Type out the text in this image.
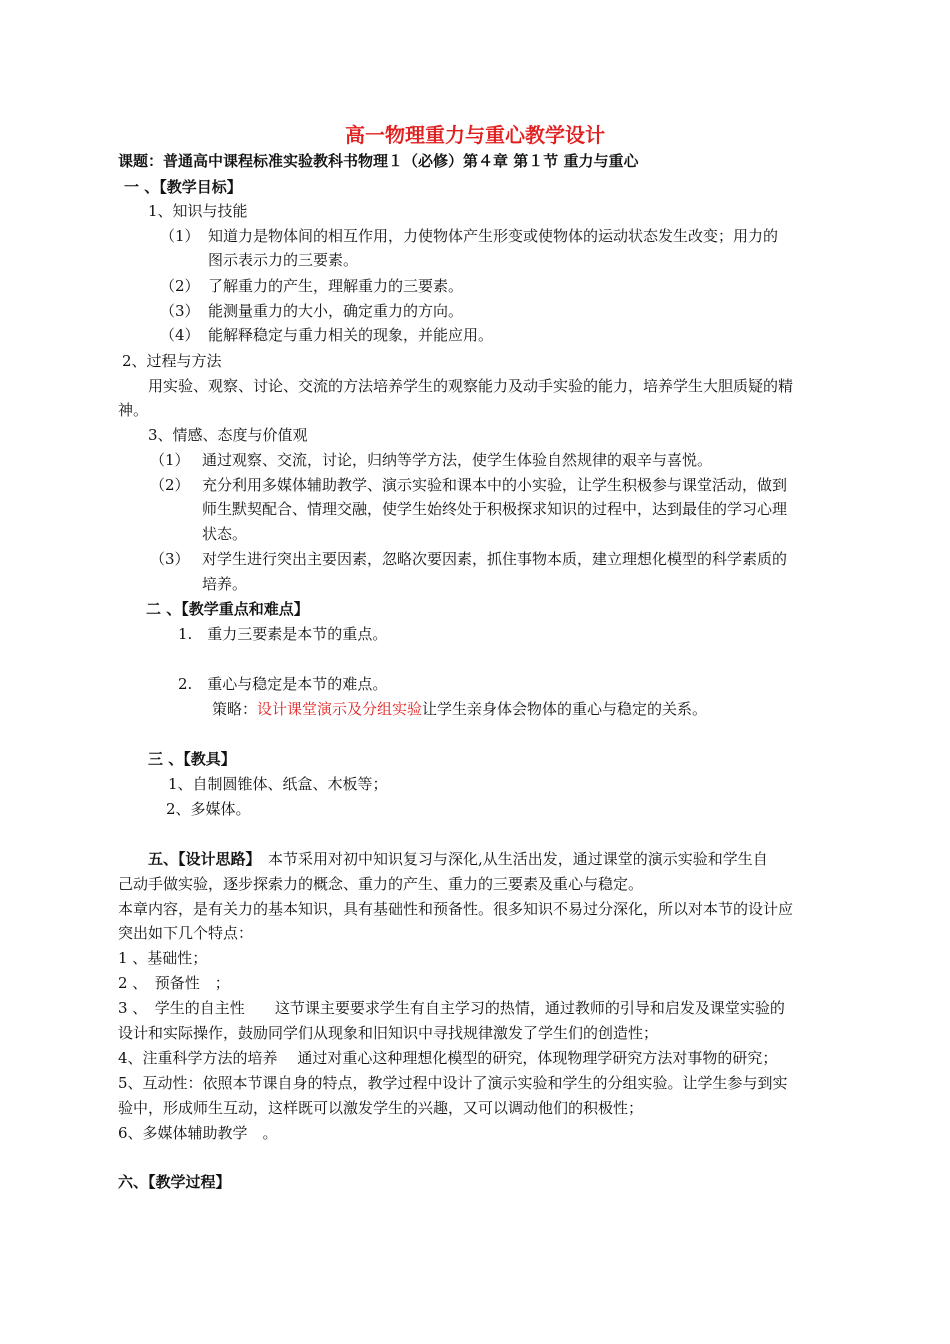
高一物理重力与重心教学设计
课题：普通高中课程标准实验教科书物理１（必修）第４章 第１节 重力与重心
一 、【教学目标】
1、知识与技能
（1） 知道力是物体间的相互作用，力使物体产生形变或使物体的运动状态发生改变；用力的
图示表示力的三要素。
（2） 了解重力的产生，理解重力的三要素。
（3） 能测量重力的大小，确定重力的方向。
（4） 能解释稳定与重力相关的现象，并能应用。
2、过程与方法
用实验、观察、讨论、交流的方法培养学生的观察能力及动手实验的能力，培养学生大胆质疑的精
神。
3、情感、态度与价值观
（1） 通过观察、交流，讨论，归纳等学方法，使学生体验自然规律的艰辛与喜悦。
（2） 充分利用多媒体辅助教学、演示实验和课本中的小实验，让学生积极参与课堂活动，做到
师生默契配合、情理交融，使学生始终处于积极探求知识的过程中，达到最佳的学习心理
状态。
（3） 对学生进行突出主要因素，忽略次要因素，抓住事物本质，建立理想化模型的科学素质的
培养。
二 、【教学重点和难点】
1.　重力三要素是本节的重点。
2.　重心与稳定是本节的难点。
策略：设计课堂演示及分组实验让学生亲身体会物体的重心与稳定的关系。
三 、【教具】
1、自制圆锥体、纸盒、木板等；
2、多媒体。
五、【设计思路】　本节采用对初中知识复习与深化,从生活出发，通过课堂的演示实验和学生自
己动手做实验，逐步探索力的概念、重力的产生、重力的三要素及重心与稳定。
本章内容，是有关力的基本知识，具有基础性和预备性。很多知识不易过分深化，所以对本节的设计应
突出如下几个特点：
1 、基础性；
2 、　预备性　；
3 、　学生的自主性　　这节课主要要求学生有自主学习的热情，通过教师的引导和启发及课堂实验的
设计和实际操作，鼓励同学们从现象和旧知识中寻找规律激发了学生们的创造性；
4、注重科学方法的培养　 通过对重心这种理想化模型的研究，体现物理学研究方法对事物的研究；
5、互动性：依照本节课自身的特点，教学过程中设计了演示实验和学生的分组实验。让学生参与到实
验中，形成师生互动，这样既可以激发学生的兴趣，又可以调动他们的积极性；
6、多媒体辅助教学　。
六、【教学过程】
